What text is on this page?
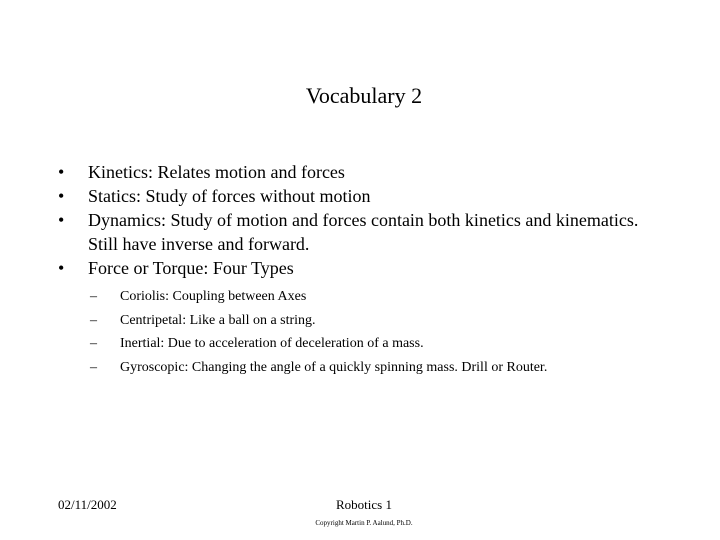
Vocabulary 2
•	Kinetics: Relates motion and forces
•	Statics: Study of forces without motion
•	Dynamics: Study of motion and forces contain both kinetics and kinematics. Still have inverse and forward.
•	Force or Torque: Four Types
– Coriolis: Coupling between Axes
– Centripetal: Like a ball on a string.
– Inertial: Due to acceleration of deceleration of a mass.
– Gyroscopic: Changing the angle of a quickly spinning mass. Drill or Router.
02/11/2002	Robotics 1
Copyright Martin P. Aalund, Ph.D.
